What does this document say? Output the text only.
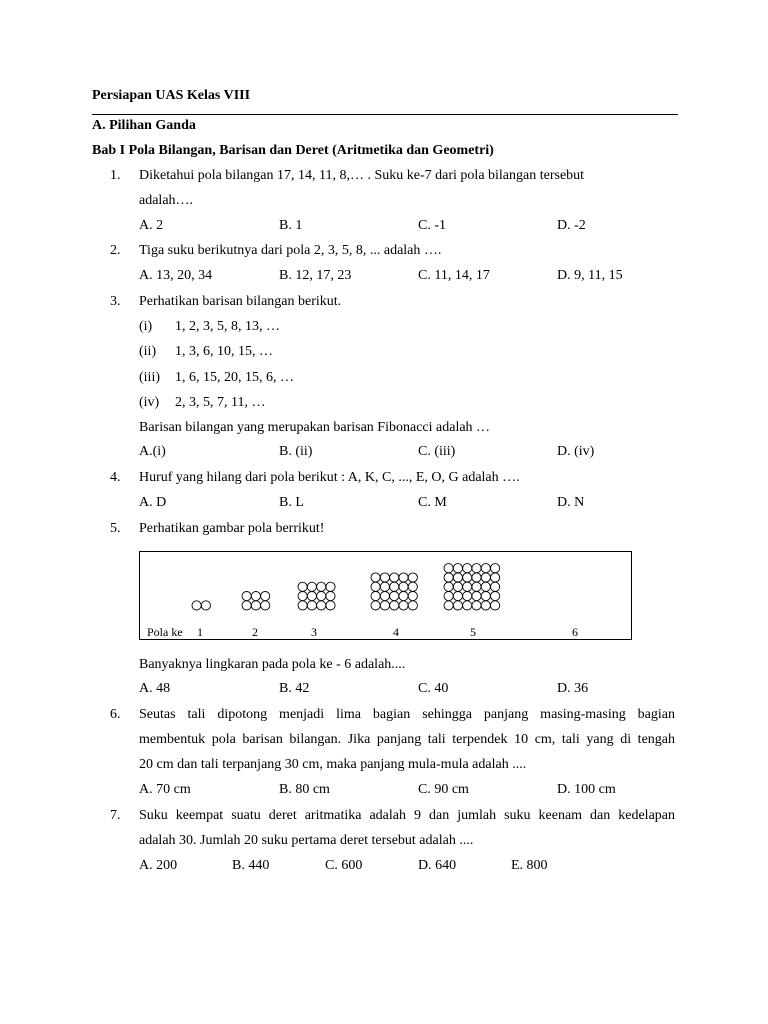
Persiapan UAS Kelas VIII
A. Pilihan Ganda
Bab I Pola Bilangan, Barisan dan Deret (Aritmetika dan Geometri)
1. Diketahui pola bilangan 17, 14, 11, 8,… . Suku ke-7 dari pola bilangan tersebut
adalah….
A. 2	B. 1	C. -1	D. -2
2. Tiga suku berikutnya dari pola 2, 3, 5, 8, ... adalah ….
A. 13, 20, 34	B. 12, 17, 23	C. 11, 14, 17	D. 9, 11, 15
3. Perhatikan barisan bilangan berikut.
(i) 1, 2, 3, 5, 8, 13, …
(ii) 1, 3, 6, 10, 15, …
(iii) 1, 6, 15, 20, 15, 6, …
(iv) 2, 3, 5, 7, 11, …
Barisan bilangan yang merupakan barisan Fibonacci adalah …
A.(i)	B. (ii)	C. (iii)	D. (iv)
4. Huruf yang hilang dari pola berikut : A, K, C, ..., E, O, G adalah ….
A. D	B. L	C. M	D. N
5. Perhatikan gambar pola berrikut!
Pola ke 1	2	3	4	5	6
Banyaknya lingkaran pada pola ke - 6 adalah....
A. 48	B. 42	C. 40	D. 36
6. Seutas tali dipotong menjadi lima bagian sehingga panjang masing-masing bagian
membentuk pola barisan bilangan. Jika panjang tali terpendek 10 cm, tali yang di tengah
20 cm dan tali terpanjang 30 cm, maka panjang mula-mula adalah ....
A. 70 cm	B. 80 cm	C. 90 cm	D. 100 cm
7. Suku keempat suatu deret aritmatika adalah 9 dan jumlah suku keenam dan kedelapan
adalah 30. Jumlah 20 suku pertama deret tersebut adalah ....
A. 200	B. 440	C. 600	D. 640	E. 800
